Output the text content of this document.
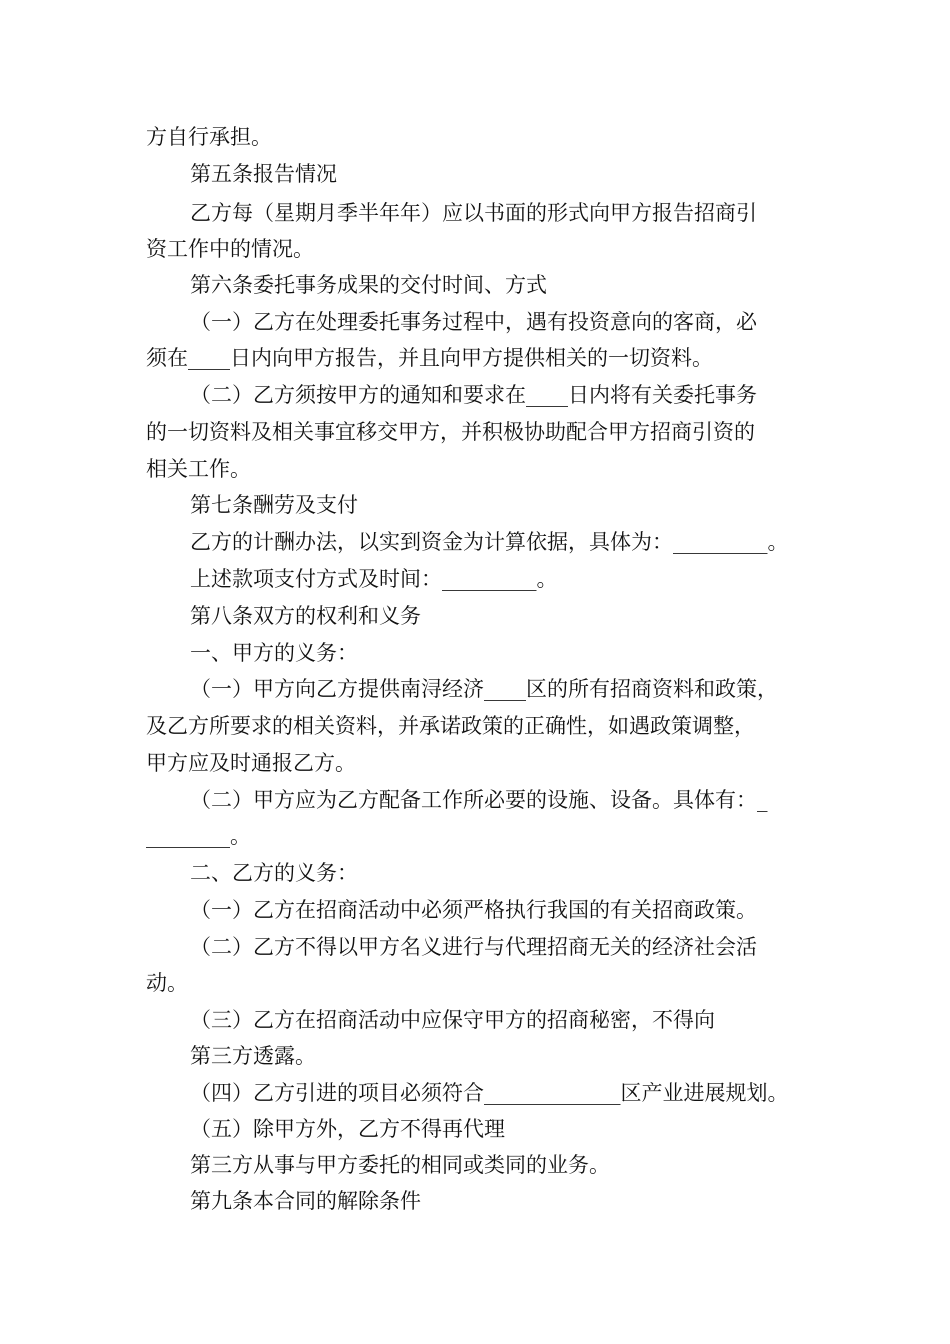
方自行承担。
第五条报告情况
乙方每（星期月季半年年）应以书面的形式向甲方报告招商引
资工作中的情况。
第六条委托事务成果的交付时间、方式
（一）乙方在处理委托事务过程中，遇有投资意向的客商，必
须在____日内向甲方报告，并且向甲方提供相关的一切资料。
（二）乙方须按甲方的通知和要求在____日内将有关委托事务
的一切资料及相关事宜移交甲方，并积极协助配合甲方招商引资的
相关工作。
第七条酬劳及支付
乙方的计酬办法，以实到资金为计算依据，具体为：_________。
上述款项支付方式及时间：_________。
第八条双方的权利和义务
一、甲方的义务：
（一）甲方向乙方提供南浔经济____区的所有招商资料和政策，
及乙方所要求的相关资料，并承诺政策的正确性，如遇政策调整，
甲方应及时通报乙方。
（二）甲方应为乙方配备工作所必要的设施、设备。具体有：_
________。
二、乙方的义务：
（一）乙方在招商活动中必须严格执行我国的有关招商政策。
（二）乙方不得以甲方名义进行与代理招商无关的经济社会活
动。
（三）乙方在招商活动中应保守甲方的招商秘密，不得向
第三方透露。
（四）乙方引进的项目必须符合_____________区产业进展规划。
（五）除甲方外，乙方不得再代理
第三方从事与甲方委托的相同或类同的业务。
第九条本合同的解除条件
